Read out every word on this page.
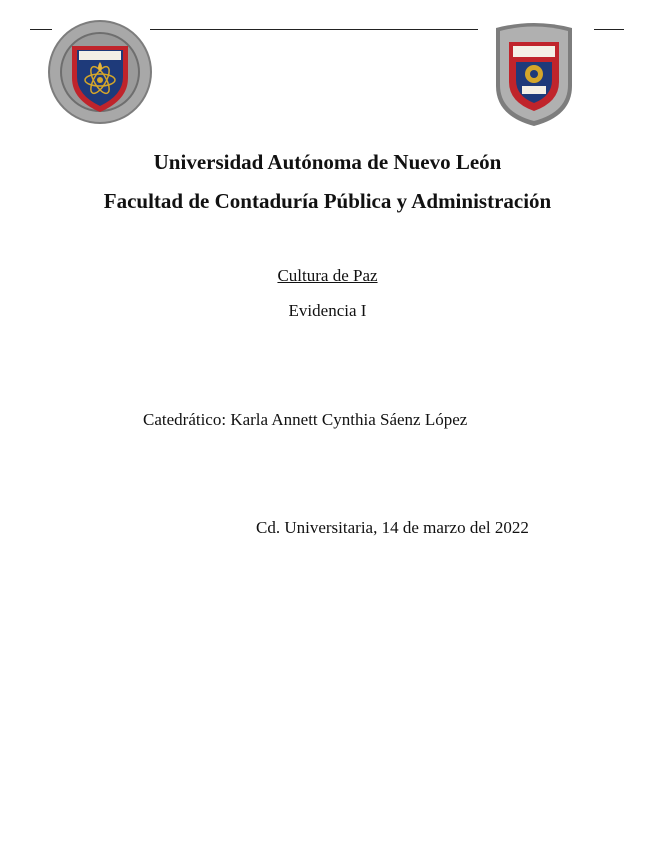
Universidad Autónoma de Nuevo León
Facultad de Contaduría Pública y Administración
Cultura de Paz
Evidencia I
Catedrático: Karla Annett Cynthia Sáenz López
Cd. Universitaria, 14 de marzo del 2022
